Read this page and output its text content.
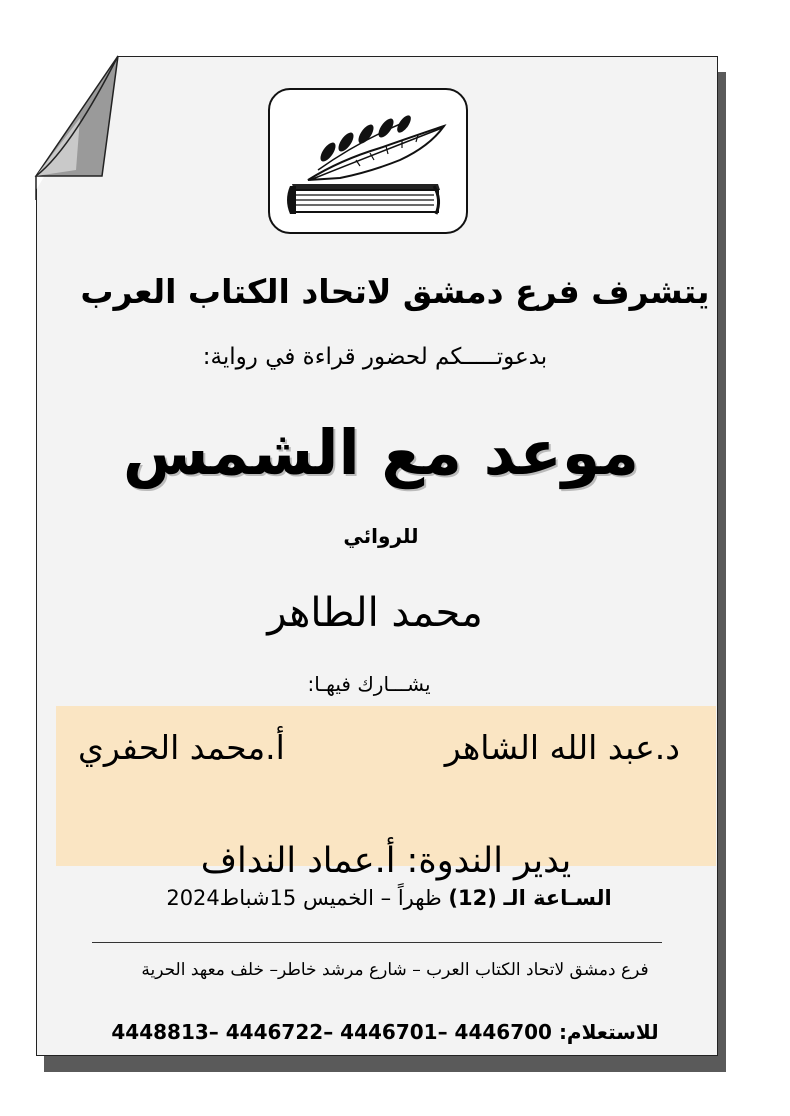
يتشرف فرع دمشق لاتحاد الكتاب العرب

بدعوتـــــكم لحضور قراءة في رواية:

موعد مع الشمس

للروائي

محمد الطاهر

يشـــارك فيهـا:

د.عبد الله الشاهر
أ.محمد الحفري

يدير الندوة: أ.عماد النداف

السـاعة الـ (12) ظهراً – الخميس 15شباط2024

فرع دمشق لاتحاد الكتاب العرب – شارع مرشد خاطر– خلف معهد الحرية

للاستعلام: 4446700 –4446701 –4446722 –4448813
